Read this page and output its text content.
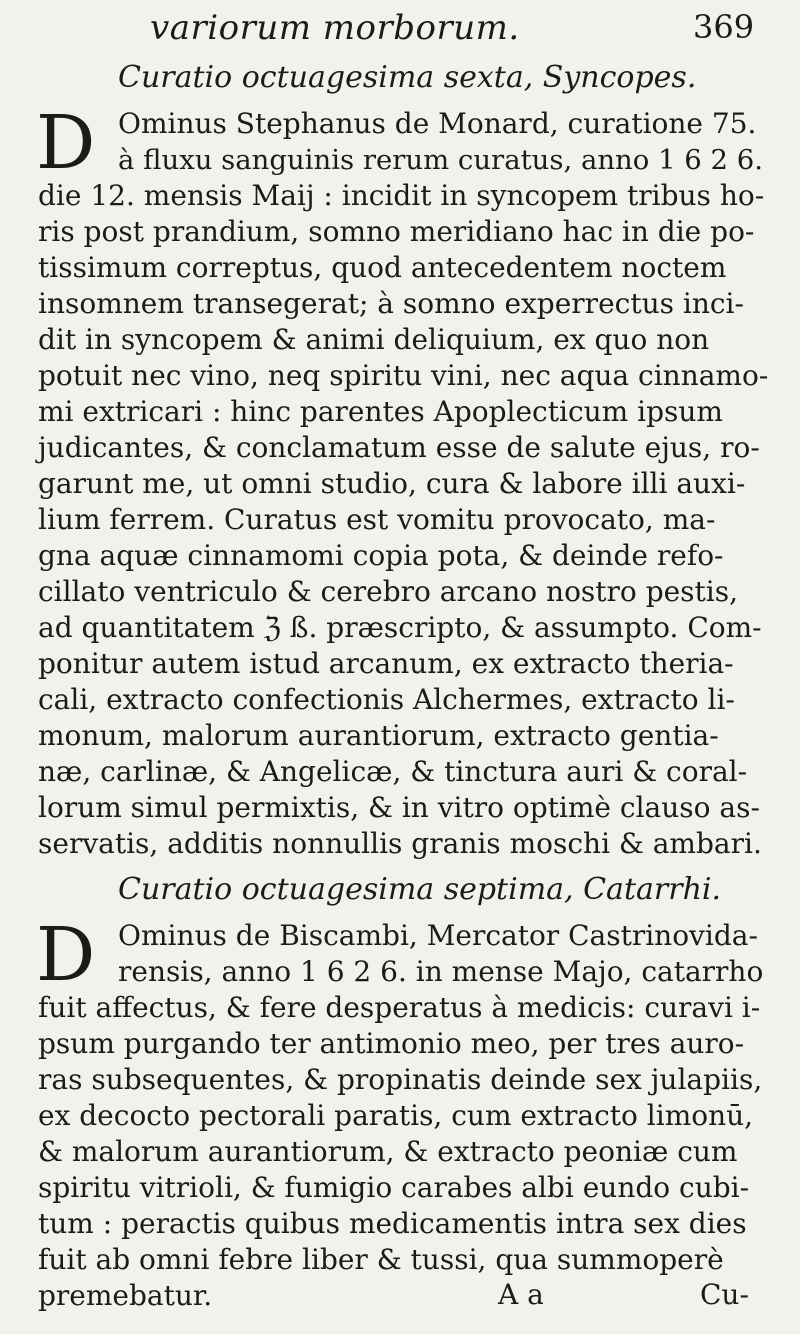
variorum morborum.	369
Curatio octuagesima sexta, Syncopes.
D Ominus Stephanus de Monard, curatione 75.
à fluxu sanguinis rerum curatus, anno 1 6 2 6.
die 12. mensis Maij : incidit in syncopem tribus ho-
ris post prandium, somno meridiano hac in die po-
tissimum correptus, quod antecedentem noctem
insomnem transegerat; à somno experrectus inci-
dit in syncopem & animi deliquium, ex quo non
potuit nec vino, neq spiritu vini, nec aqua cinnamo-
mi extricari : hinc parentes Apoplecticum ipsum
judicantes, & conclamatum esse de salute ejus, ro-
garunt me, ut omni studio, cura & labore illi auxi-
lium ferrem. Curatus est vomitu provocato, ma-
gna aquæ cinnamomi copia pota, & deinde refo-
cillato ventriculo & cerebro arcano nostro pestis,
ad quantitatem ℨ ß. præscripto, & assumpto. Com-
ponitur autem istud arcanum, ex extracto theria-
cali, extracto confectionis Alchermes, extracto li-
monum, malorum aurantiorum, extracto gentia-
næ, carlinæ, & Angelicæ, & tinctura auri & coral-
lorum simul permixtis, & in vitro optimè clauso as-
servatis, additis nonnullis granis moschi & ambari.
Curatio octuagesima septima, Catarrhi.
D Ominus de Biscambi, Mercator Castrinovida-
rensis, anno 1 6 2 6. in mense Majo, catarrho
fuit affectus, & fere desperatus à medicis: curavi i-
psum purgando ter antimonio meo, per tres auro-
ras subsequentes, & propinatis deinde sex julapiis,
ex decocto pectorali paratis, cum extracto limonū,
& malorum aurantiorum, & extracto peoniæ cum
spiritu vitrioli, & fumigio carabes albi eundo cubi-
tum : peractis quibus medicamentis intra sex dies
fuit ab omni febre liber & tussi, qua summoperè
premebatur.	A a	Cu-
